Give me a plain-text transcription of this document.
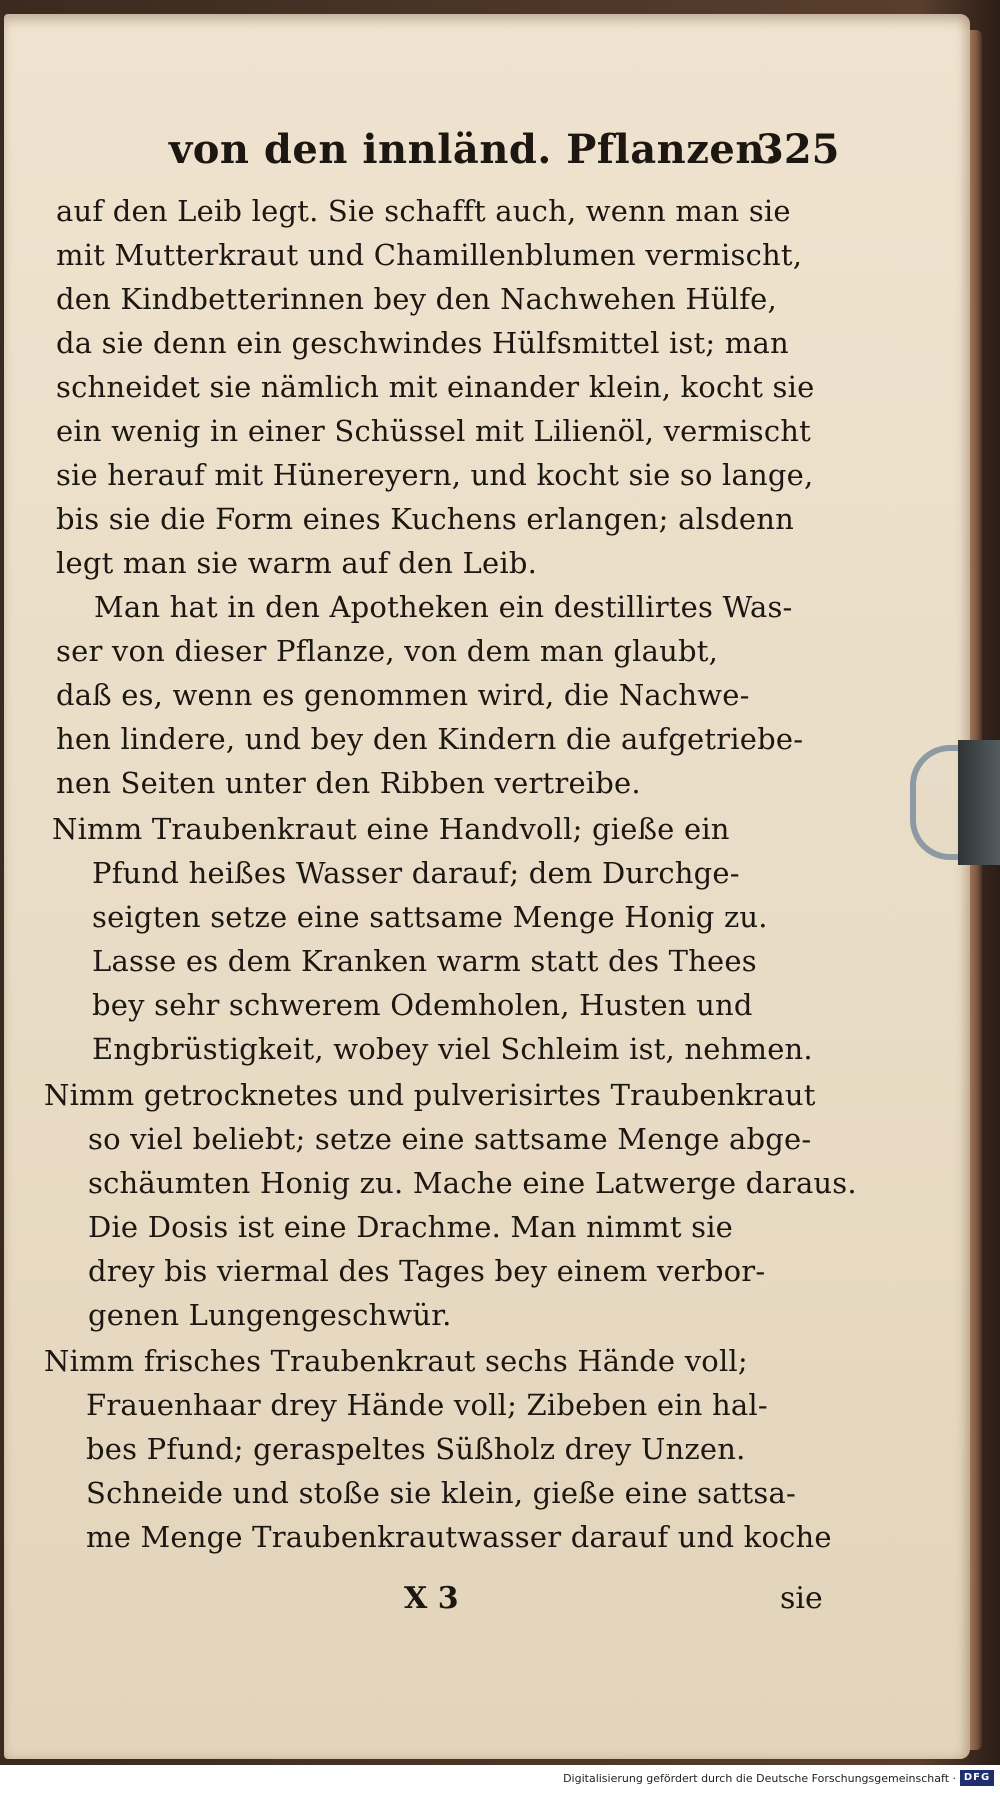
von den innländ. Pflanzen.
325
auf den Leib legt. Sie schafft auch, wenn man sie
mit Mutterkraut und Chamillenblumen vermischt,
den Kindbetterinnen bey den Nachwehen Hülfe,
da sie denn ein geschwindes Hülfsmittel ist; man
schneidet sie nämlich mit einander klein, kocht sie
ein wenig in einer Schüssel mit Lilienöl, vermischt
sie herauf mit Hünereyern, und kocht sie so lange,
bis sie die Form eines Kuchens erlangen; alsdenn
legt man sie warm auf den Leib.
Man hat in den Apotheken ein destillirtes Was-
ser von dieser Pflanze, von dem man glaubt,
daß es, wenn es genommen wird, die Nachwe-
hen lindere, und bey den Kindern die aufgetriebe-
nen Seiten unter den Ribben vertreibe.
Nimm Traubenkraut eine Handvoll; gieße ein
Pfund heißes Wasser darauf; dem Durchge-
seigten setze eine sattsame Menge Honig zu.
Lasse es dem Kranken warm statt des Thees
bey sehr schwerem Odemholen, Husten und
Engbrüstigkeit, wobey viel Schleim ist, nehmen.
Nimm getrocknetes und pulverisirtes Traubenkraut
so viel beliebt; setze eine sattsame Menge abge-
schäumten Honig zu. Mache eine Latwerge daraus.
Die Dosis ist eine Drachme. Man nimmt sie
drey bis viermal des Tages bey einem verbor-
genen Lungengeschwür.
Nimm frisches Traubenkraut sechs Hände voll;
Frauenhaar drey Hände voll; Zibeben ein hal-
bes Pfund; geraspeltes Süßholz drey Unzen.
Schneide und stoße sie klein, gieße eine sattsa-
me Menge Traubenkrautwasser darauf und koche
X 3	sie
Digitalisierung gefördert durch die Deutsche Forschungsgemeinschaft · DFG
